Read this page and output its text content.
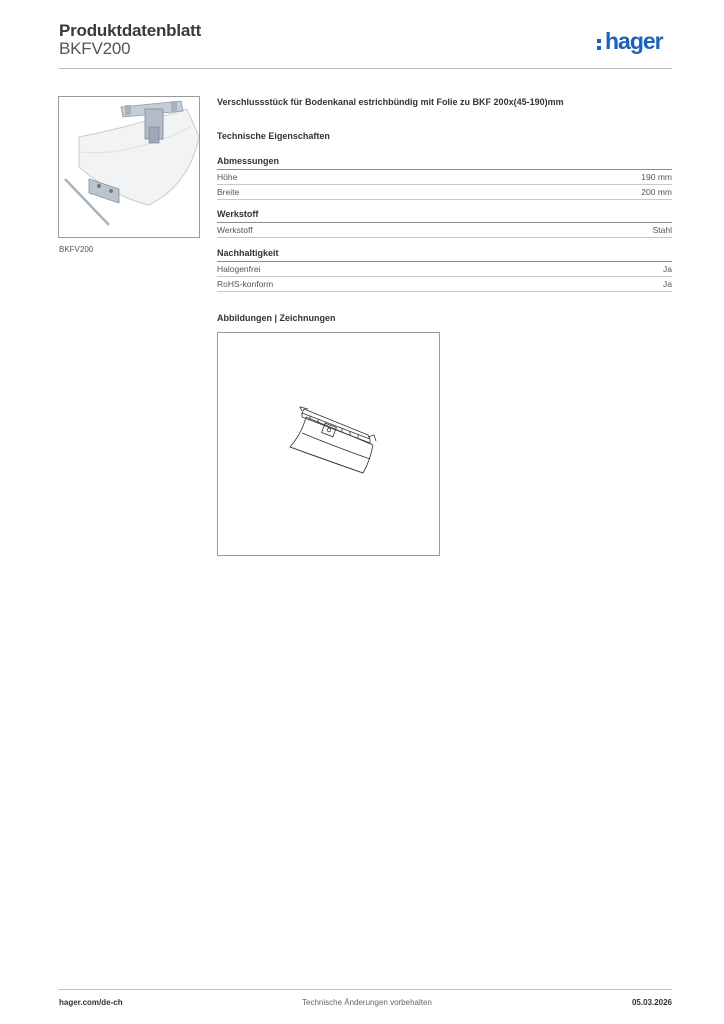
Produktdatenblatt
BKFV200	hager
BKFV200
Verschlussstück für Bodenkanal estrichbündig mit Folie zu BKF 200x(45-190)mm
Technische Eigenschaften
Abmessungen
Höhe	190 mm
Breite	200 mm
Werkstoff
Werkstoff	Stahl
Nachhaltigkeit
Halogenfrei	Ja
RoHS-konform	Ja
Abbildungen | Zeichnungen
hager.com/de-ch	Technische Änderungen vorbehalten	05.03.2026
